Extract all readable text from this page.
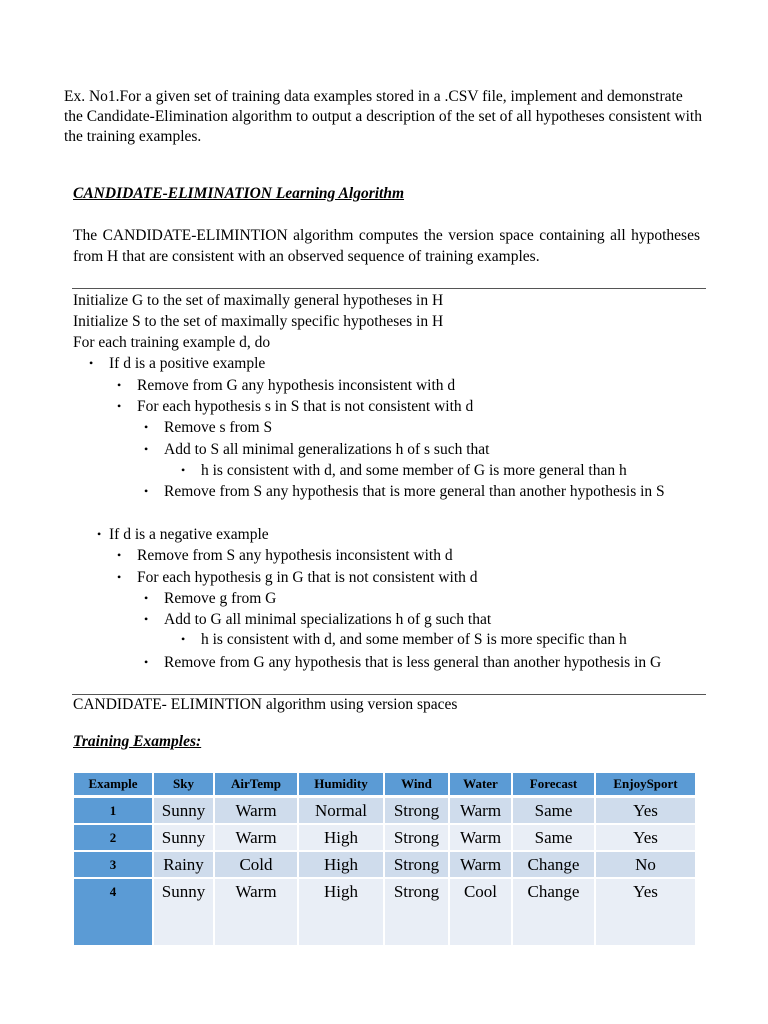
Ex. No1.For a given set of training data examples stored in a .CSV file, implement and demonstrate the Candidate-Elimination algorithm to output a description of the set of all hypotheses consistent with the training examples.
CANDIDATE-ELIMINATION Learning Algorithm
The CANDIDATE-ELIMINTION algorithm computes the version space containing all hypotheses from H that are consistent with an observed sequence of training examples.
Initialize G to the set of maximally general hypotheses in H
Initialize S to the set of maximally specific hypotheses in H
For each training example d, do
• If d is a positive example
• Remove from G any hypothesis inconsistent with d
• For each hypothesis s in S that is not consistent with d
• Remove s from S
• Add to S all minimal generalizations h of s such that
• h is consistent with d, and some member of G is more general than h
• Remove from S any hypothesis that is more general than another hypothesis in S
• If d is a negative example
• Remove from S any hypothesis inconsistent with d
• For each hypothesis g in G that is not consistent with d
• Remove g from G
• Add to G all minimal specializations h of g such that
• h is consistent with d, and some member of S is more specific than h
• Remove from G any hypothesis that is less general than another hypothesis in G
CANDIDATE- ELIMINTION algorithm using version spaces
Training Examples:
Example	Sky	AirTemp	Humidity	Wind	Water	Forecast	EnjoySport
1	Sunny	Warm	Normal	Strong	Warm	Same	Yes
2	Sunny	Warm	High	Strong	Warm	Same	Yes
3	Rainy	Cold	High	Strong	Warm	Change	No
4	Sunny	Warm	High	Strong	Cool	Change	Yes
